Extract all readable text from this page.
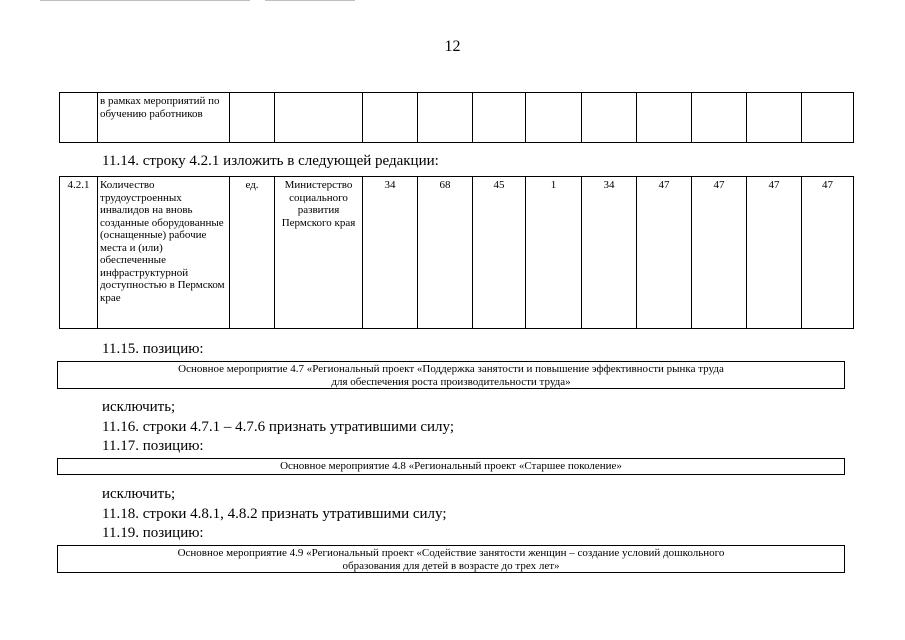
12
	в рамках мероприятий по обучению работников											
11.14. строку 4.2.1 изложить в следующей редакции:
4.2.1	Количество трудоустроенных инвалидов на вновь созданные оборудованные (оснащенные) рабочие места и (или) обеспеченные инфраструктурной доступностью в Пермском крае	ед.	Министерство социального развития Пермского края	34	68	45	1	34	47	47	47	47
11.15. позицию:
Основное мероприятие 4.7 «Региональный проект «Поддержка занятости и повышение эффективности рынка труда
для обеспечения роста производительности труда»
исключить;
11.16. строки 4.7.1 – 4.7.6 признать утратившими силу;
11.17. позицию:
Основное мероприятие 4.8 «Региональный проект «Старшее поколение»
исключить;
11.18. строки 4.8.1, 4.8.2 признать утратившими силу;
11.19. позицию:
Основное мероприятие 4.9 «Региональный проект «Содействие занятости женщин – создание условий дошкольного
образования для детей в возрасте до трех лет»
